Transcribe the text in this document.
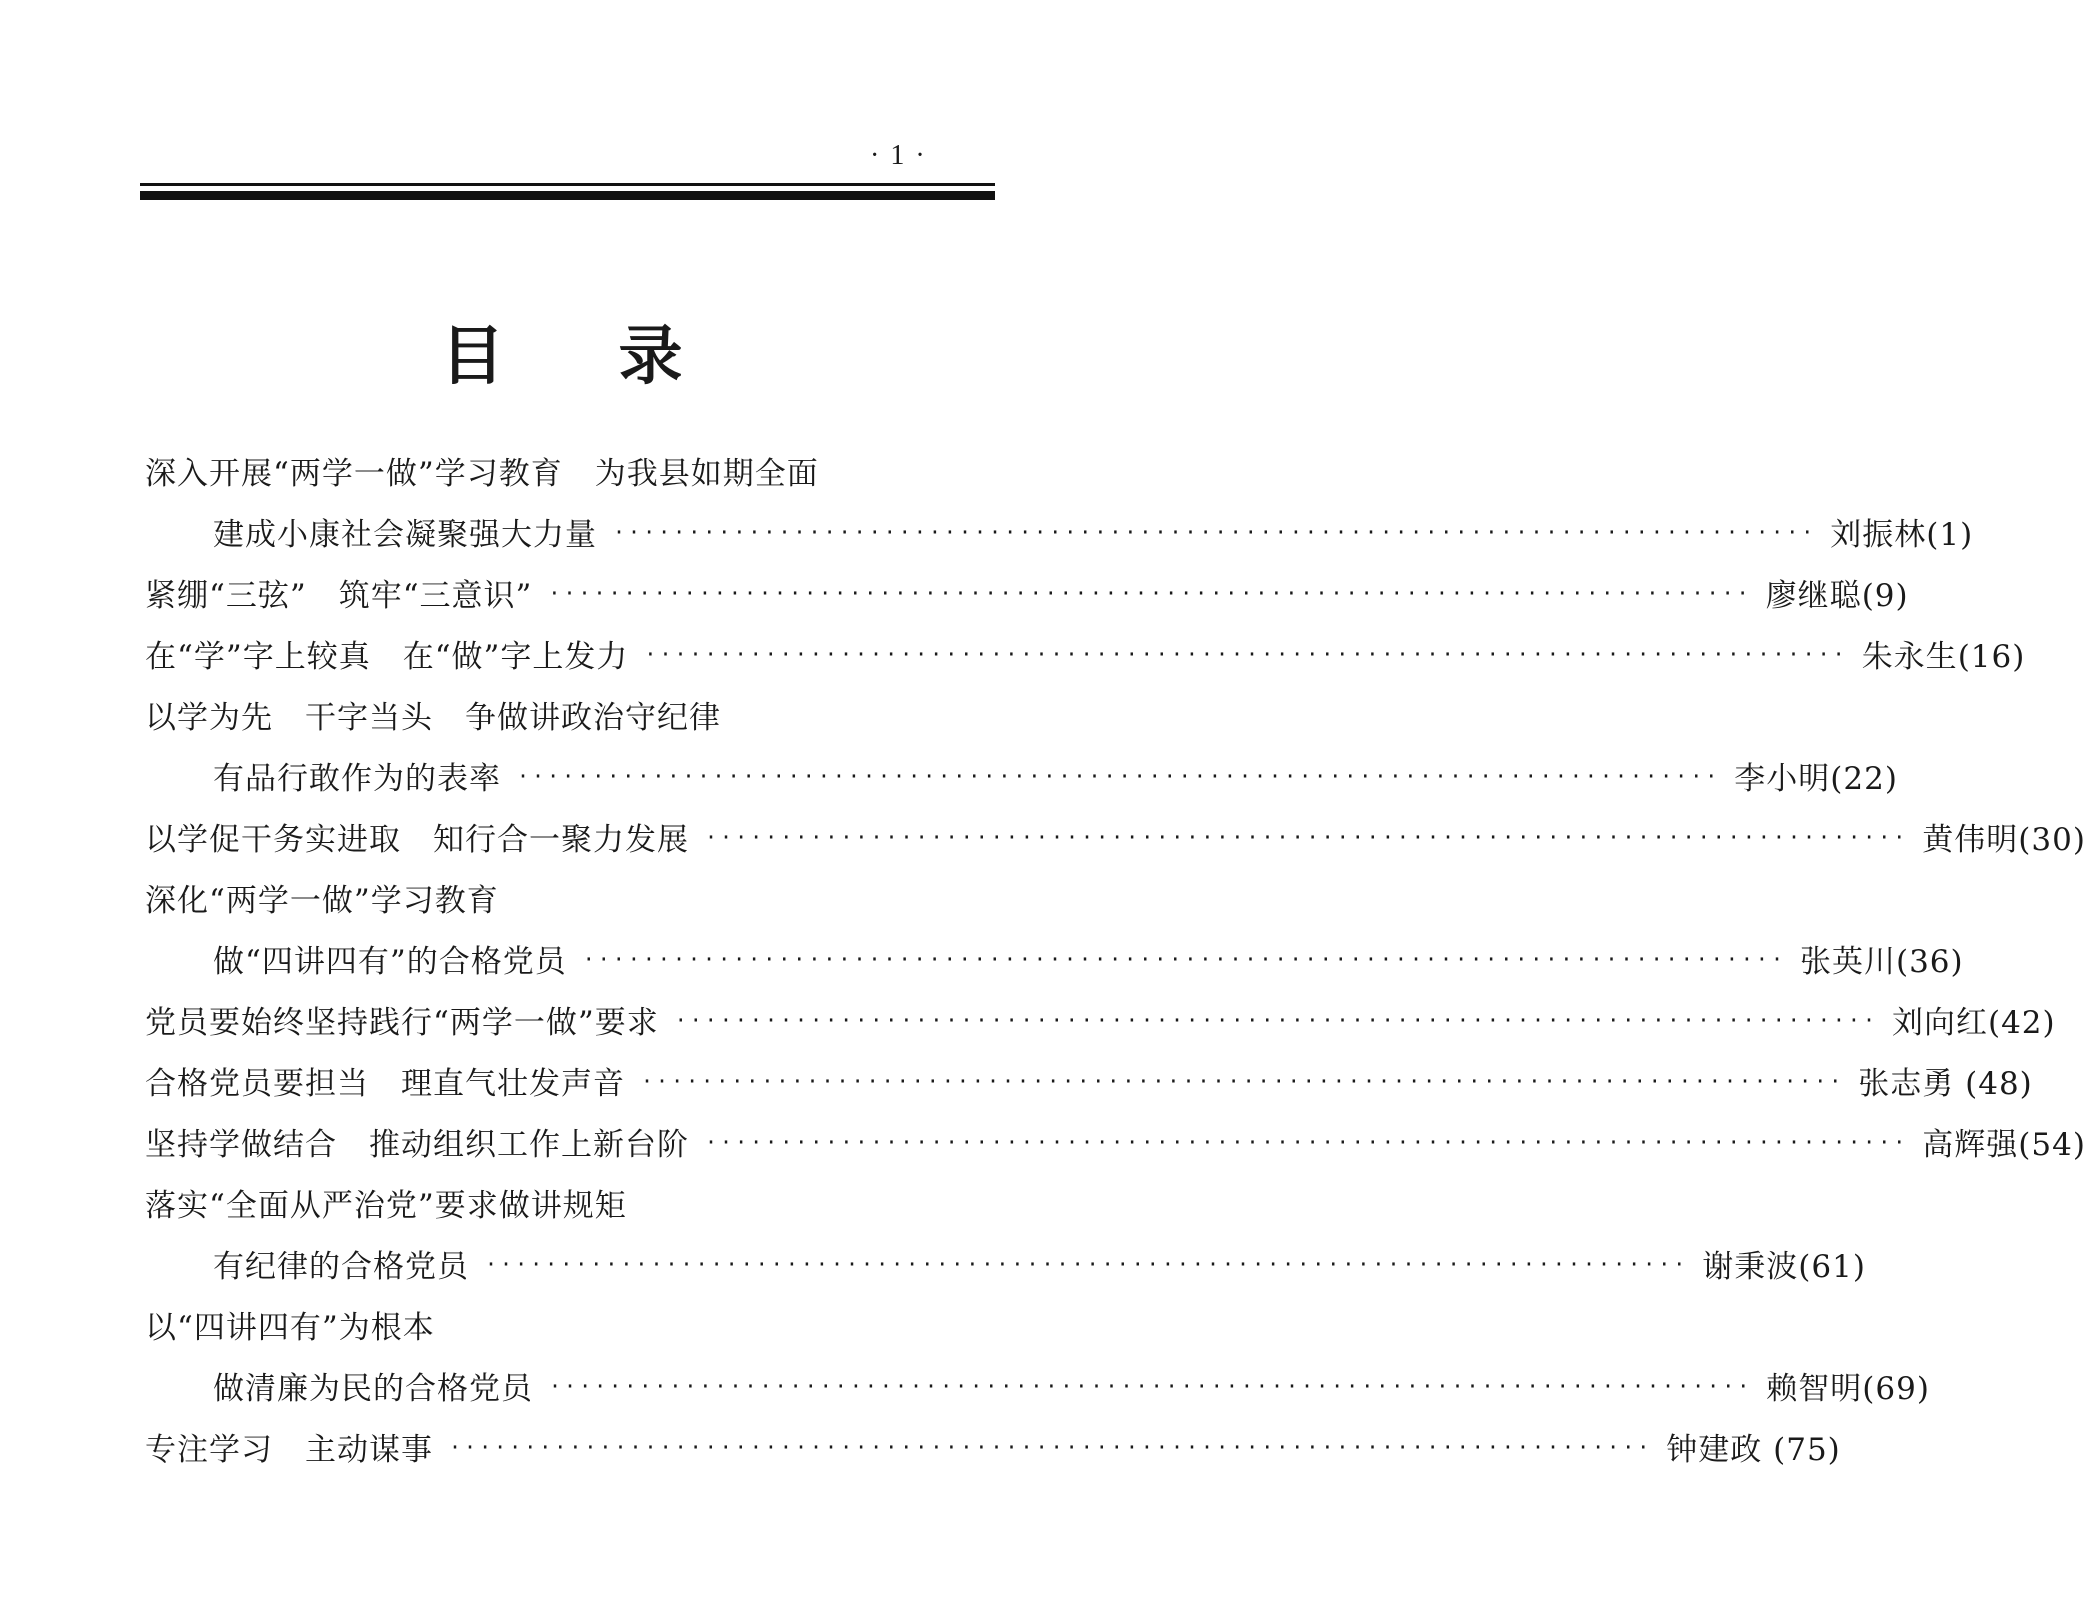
· 1 ·
目 录
深入开展“两学一做”学习教育　为我县如期全面
建成小康社会凝聚强大力量 ················································································ 刘振林(1)
紧绷“三弦”　筑牢“三意识” ················································································ 廖继聪(9)
在“学”字上较真　在“做”字上发力 ················································································ 朱永生(16)
以学为先　干字当头　争做讲政治守纪律
有品行敢作为的表率 ················································································ 李小明(22)
以学促干务实进取　知行合一聚力发展 ················································································ 黄伟明(30)
深化“两学一做”学习教育
做“四讲四有”的合格党员 ················································································ 张英川(36)
党员要始终坚持践行“两学一做”要求 ················································································ 刘向红(42)
合格党员要担当　理直气壮发声音 ················································································ 张志勇 (48)
坚持学做结合　推动组织工作上新台阶 ················································································ 高辉强(54)
落实“全面从严治党”要求做讲规矩
有纪律的合格党员 ················································································ 谢秉波(61)
以“四讲四有”为根本
做清廉为民的合格党员 ················································································ 赖智明(69)
专注学习　主动谋事 ················································································ 钟建政 (75)
